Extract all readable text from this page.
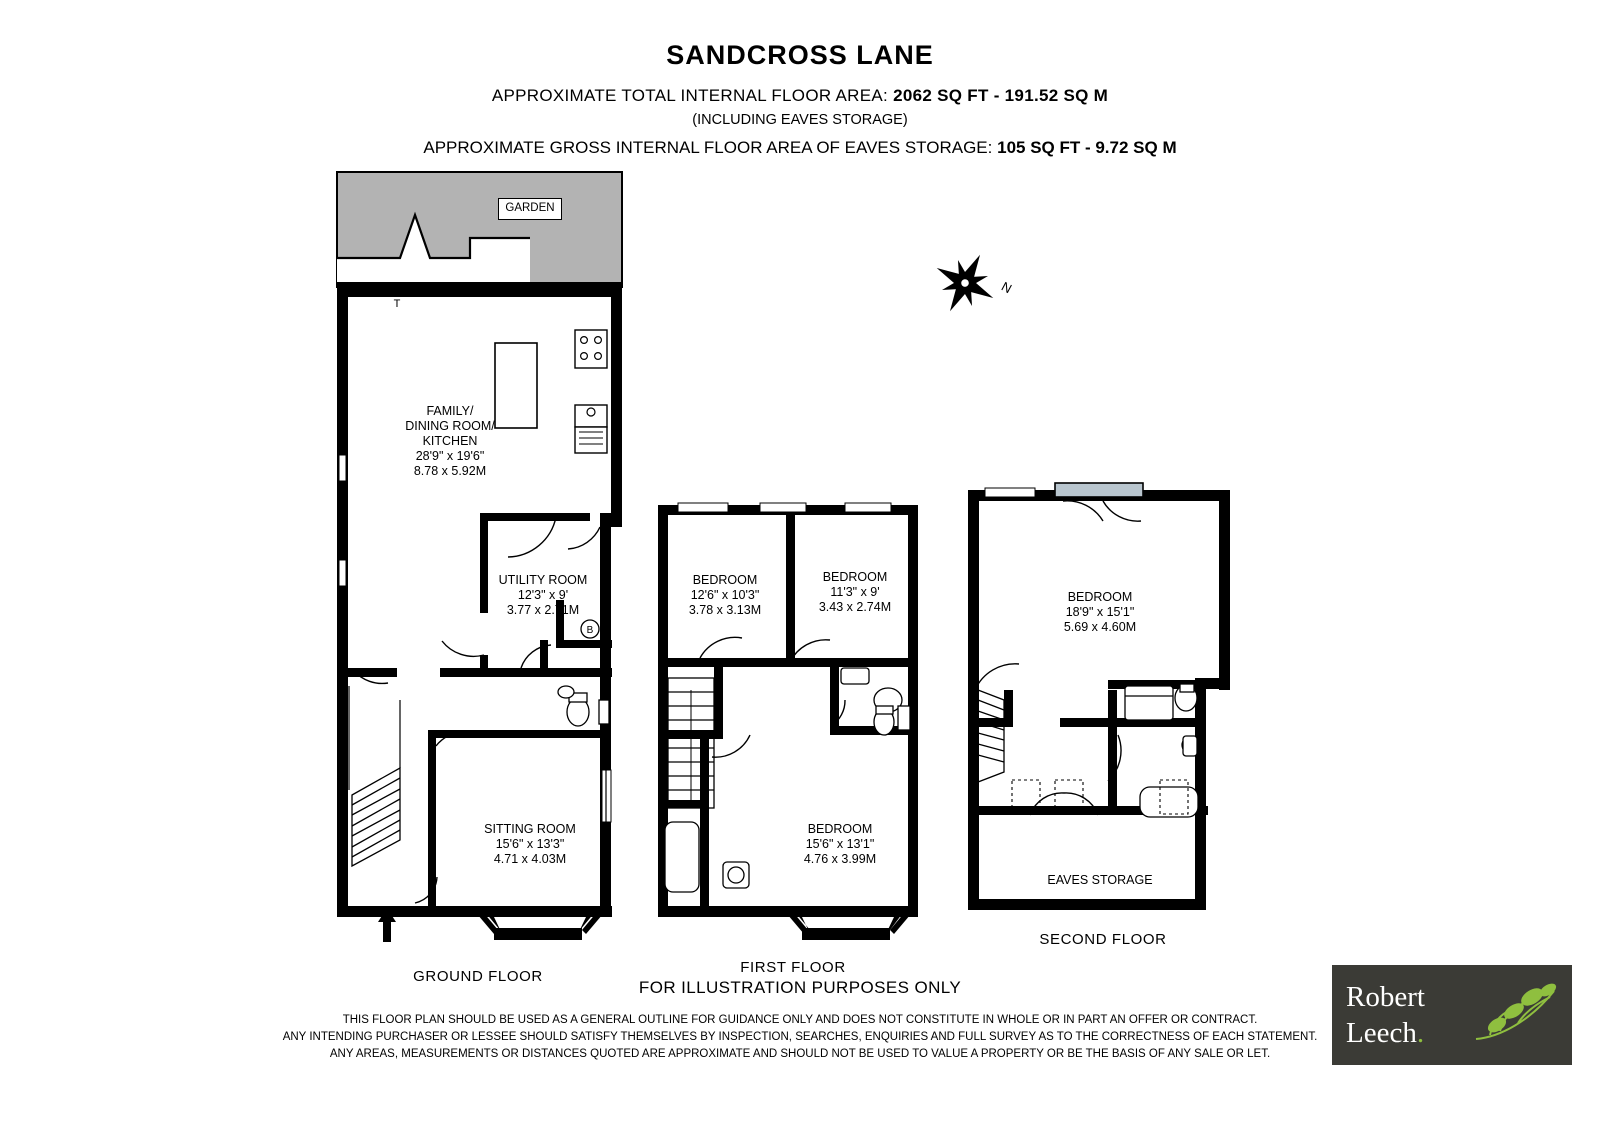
SANDCROSS LANE
APPROXIMATE TOTAL INTERNAL FLOOR AREA: 2062 SQ FT - 191.52 SQ M
(INCLUDING EAVES STORAGE)
APPROXIMATE GROSS INTERNAL FLOOR AREA OF EAVES STORAGE: 105 SQ FT - 9.72 SQ M
N
T
B
GARDEN
FAMILY/
DINING ROOM/
KITCHEN
28'9" x 19'6"
8.78 x 5.92M
UTILITY ROOM
12'3" x 9'
3.77 x 2.71M
SITTING ROOM
15'6" x 13'3"
4.71 x 4.03M
BEDROOM
12'6" x 10'3"
3.78 x 3.13M
BEDROOM
11'3" x 9'
3.43 x 2.74M
BEDROOM
15'6" x 13'1"
4.76 x 3.99M
BEDROOM
18'9" x 15'1"
5.69 x 4.60M
EAVES STORAGE
GROUND FLOOR
FIRST FLOOR
SECOND FLOOR
FOR ILLUSTRATION PURPOSES ONLY
THIS FLOOR PLAN SHOULD BE USED AS A GENERAL OUTLINE FOR GUIDANCE ONLY AND DOES NOT CONSTITUTE IN WHOLE OR IN PART AN OFFER OR CONTRACT.
ANY INTENDING PURCHASER OR LESSEE SHOULD SATISFY THEMSELVES BY INSPECTION, SEARCHES, ENQUIRIES AND FULL SURVEY AS TO THE CORRECTNESS OF EACH STATEMENT.
ANY AREAS, MEASUREMENTS OR DISTANCES QUOTED ARE APPROXIMATE AND SHOULD NOT BE USED TO VALUE A PROPERTY OR BE THE BASIS OF ANY SALE OR LET.
Robert
Leech.
